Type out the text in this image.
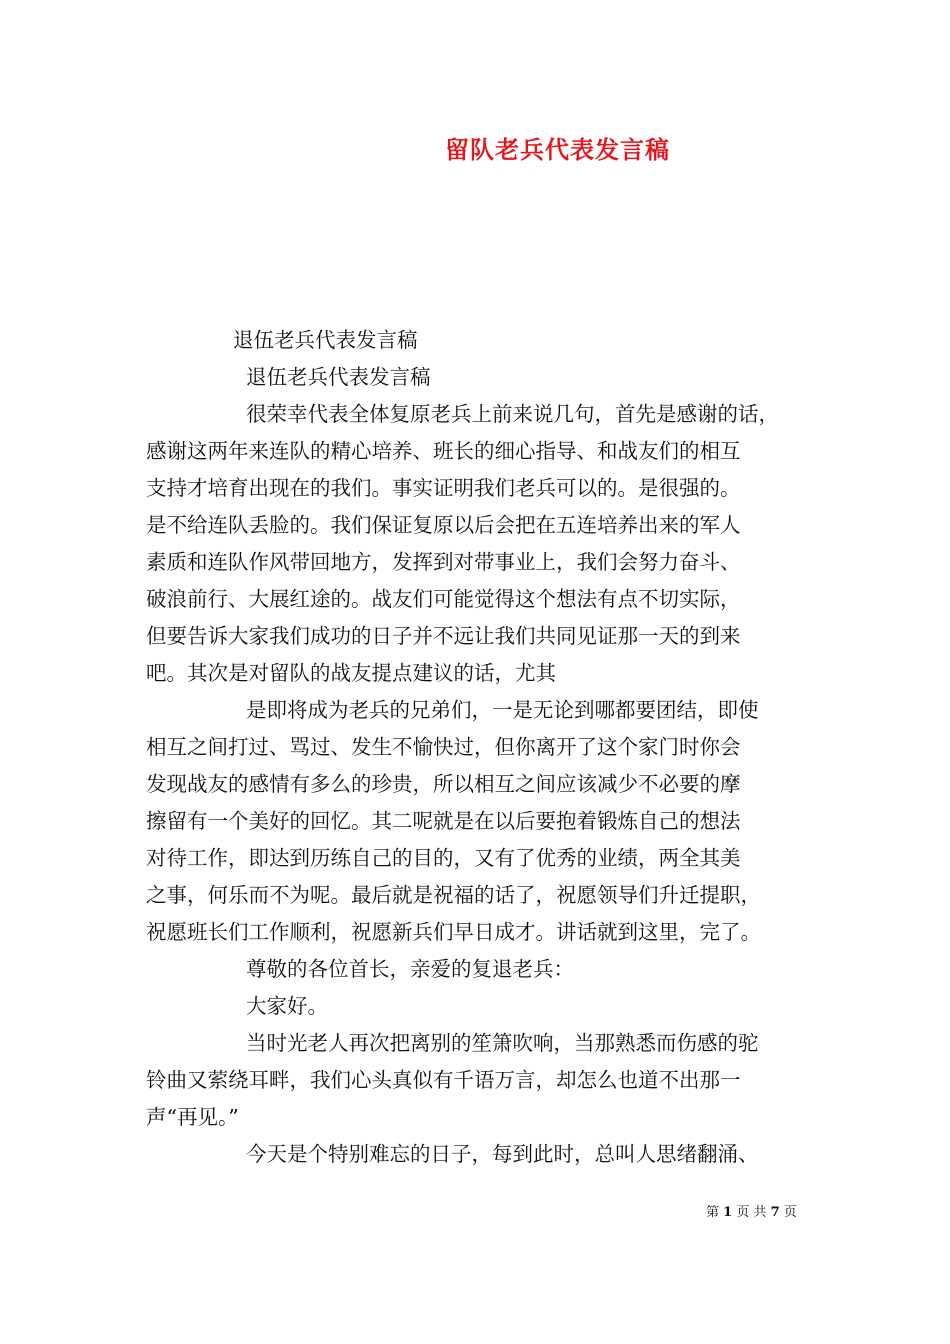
留队老兵代表发言稿
退伍老兵代表发言稿
退伍老兵代表发言稿
很荣幸代表全体复原老兵上前来说几句，首先是感谢的话，
感谢这两年来连队的精心培养、班长的细心指导、和战友们的相互
支持才培育出现在的我们。事实证明我们老兵可以的。是很强的。
是不给连队丢脸的。我们保证复原以后会把在五连培养出来的军人
素质和连队作风带回地方，发挥到对带事业上，我们会努力奋斗、
破浪前行、大展红途的。战友们可能觉得这个想法有点不切实际，
但要告诉大家我们成功的日子并不远让我们共同见证那一天的到来
吧。其次是对留队的战友提点建议的话，尤其
是即将成为老兵的兄弟们，一是无论到哪都要团结，即使
相互之间打过、骂过、发生不愉快过，但你离开了这个家门时你会
发现战友的感情有多么的珍贵，所以相互之间应该减少不必要的摩
擦留有一个美好的回忆。其二呢就是在以后要抱着锻炼自己的想法
对待工作，即达到历练自己的目的，又有了优秀的业绩，两全其美
之事，何乐而不为呢。最后就是祝福的话了，祝愿领导们升迁提职，
祝愿班长们工作顺利，祝愿新兵们早日成才。讲话就到这里，完了。
尊敬的各位首长，亲爱的复退老兵：
大家好。
当时光老人再次把离别的笙箫吹响，当那熟悉而伤感的驼
铃曲又萦绕耳畔，我们心头真似有千语万言，却怎么也道不出那一
声“再见。”
今天是个特别难忘的日子，每到此时，总叫人思绪翻涌、
第 1 页 共 7 页
